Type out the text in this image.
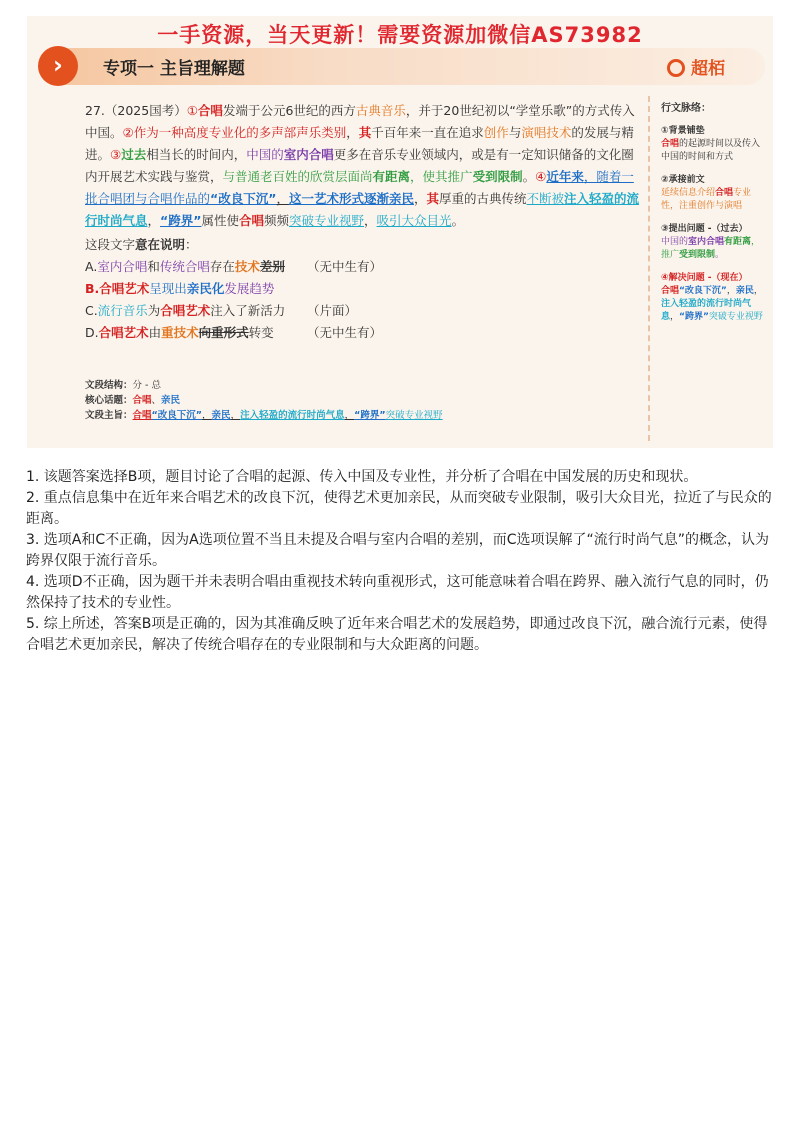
一手资源，当天更新！需要资源加微信AS73982
›	专项一 主旨理解题	超栢

27.（2025国考）①合唱发端于公元6世纪的西方古典音乐，并于20世纪初以“学堂乐歌”的方式传入中国。②作为一种高度专业化的多声部声乐类别，其千百年来一直在追求创作与演唱技术的发展与精进。③过去相当长的时间内，中国的室内合唱更多在音乐专业领域内，或是有一定知识储备的文化圈内开展艺术实践与鉴赏，与普通老百姓的欣赏层面尚有距离，使其推广受到限制。④近年来，随着一批合唱团与合唱作品的“改良下沉”，这一艺术形式逐渐亲民，其厚重的古典传统不断被注入轻盈的流行时尚气息，“跨界”属性使合唱频频突破专业视野，吸引大众目光。

这段文字意在说明：
A.室内合唱和传统合唱存在技术差别 （无中生有）
B.合唱艺术呈现出亲民化发展趋势
C.流行音乐为合唱艺术注入了新活力 （片面）
D.合唱艺术由重技术向重形式转变	（无中生有）
文段结构：分 - 总
核心话题：合唱、亲民
文段主旨：合唱“改良下沉”，亲民，注入轻盈的流行时尚气息，“跨界”突破专业视野
行文脉络：
①背景铺垫
合唱的起源时间以及传入中国的时间和方式
②承接前文
延续信息介绍合唱专业性，注重创作与演唱
③提出问题 -（过去）
中国的室内合唱有距离，推广受到限制。
④解决问题 -（现在）
合唱“改良下沉”，亲民，注入轻盈的流行时尚气息，“跨界”突破专业视野

1. 该题答案选择B项，题目讨论了合唱的起源、传入中国及专业性，并分析了合唱在中国发展的历史和现状。

2. 重点信息集中在近年来合唱艺术的改良下沉，使得艺术更加亲民，从而突破专业限制，吸引大众目光，拉近了与民众的距离。

3. 选项A和C不正确，因为A选项位置不当且未提及合唱与室内合唱的差别，而C选项误解了“流行时尚气息”的概念，认为跨界仅限于流行音乐。

4. 选项D不正确，因为题干并未表明合唱由重视技术转向重视形式，这可能意味着合唱在跨界、融入流行气息的同时，仍然保持了技术的专业性。

5. 综上所述，答案B项是正确的，因为其准确反映了近年来合唱艺术的发展趋势，即通过改良下沉，融合流行元素，使得合唱艺术更加亲民，解决了传统合唱存在的专业限制和与大众距离的问题。
